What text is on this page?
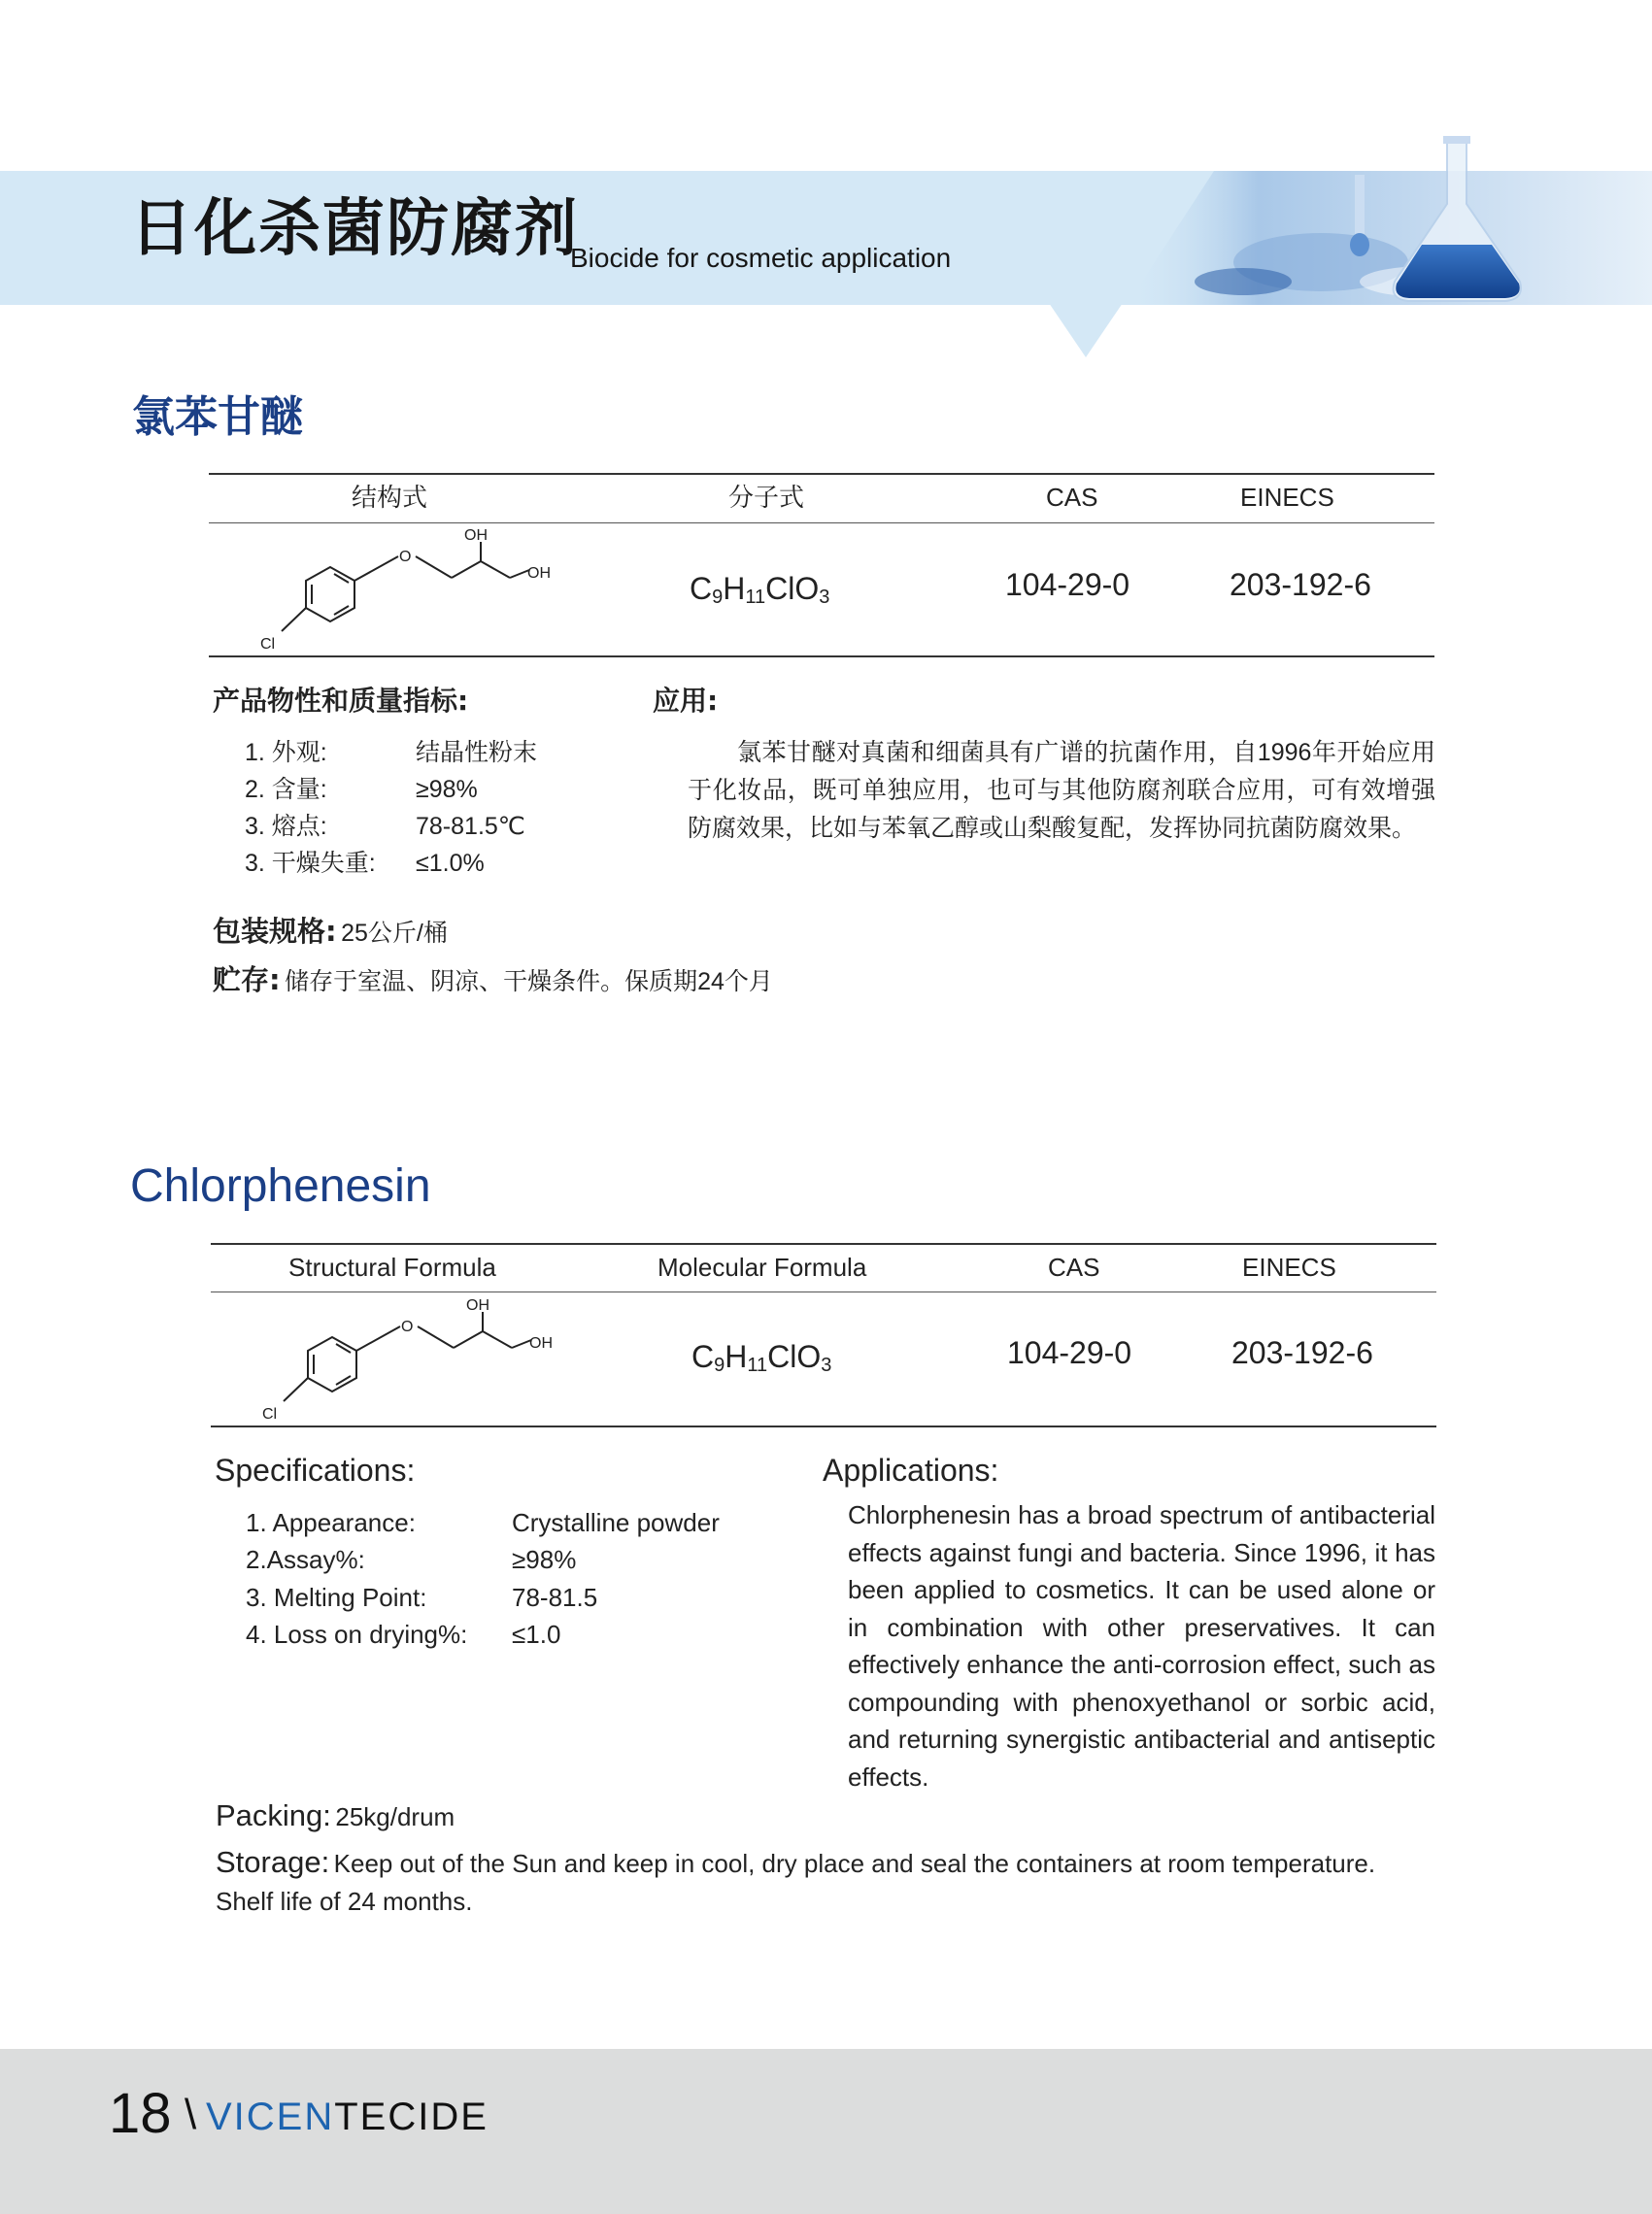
日化杀菌防腐剂
Biocide for cosmetic application
氯苯甘醚
结构式	分子式	CAS	EINECS
O
OH
OH
Cl
$C_9H_{11}ClO_3$	104-29-0	203-192-6
产品物性和质量指标:	应用:
1. 外观:	结晶性粉末
2. 含量:	≥98%
3. 熔点:	78-81.5℃
3. 干燥失重: ≤1.0%
　　氯苯甘醚对真菌和细菌具有广谱的抗菌作用，自1996年开始应用于化妆品，既可单独应用，也可与其他防腐剂联合应用，可有效增强防腐效果，比如与苯氧乙醇或山梨酸复配，发挥协同抗菌防腐效果。
包装规格: 25公斤/桶
贮存: 储存于室温、阴凉、干燥条件。保质期24个月
Chlorphenesin
Structural Formula	Molecular Formula	CAS	EINECS
O
OH
OH
Cl
$C_9H_{11}ClO_3$	104-29-0	203-192-6
Specifications:	Applications:
1. Appearance:	Crystalline powder
2.Assay%:	≥98%
3. Melting Point:	78-81.5
4. Loss on drying%: ≤1.0
Chlorphenesin has a broad spectrum of antibacterial effects against fungi and bacteria. Since 1996, it has been applied to cosmetics. It can be used alone or in combination with other preservatives. It can effectively enhance the anti-corrosion effect, such as compounding with phenoxyethanol or sorbic acid, and returning synergistic antibacterial and antiseptic effects.
Packing: 25kg/drum
Storage: Keep out of the Sun and keep in cool, dry place and seal the containers at room temperature.
Shelf life of 24 months.
18 \ VICENTECIDE
